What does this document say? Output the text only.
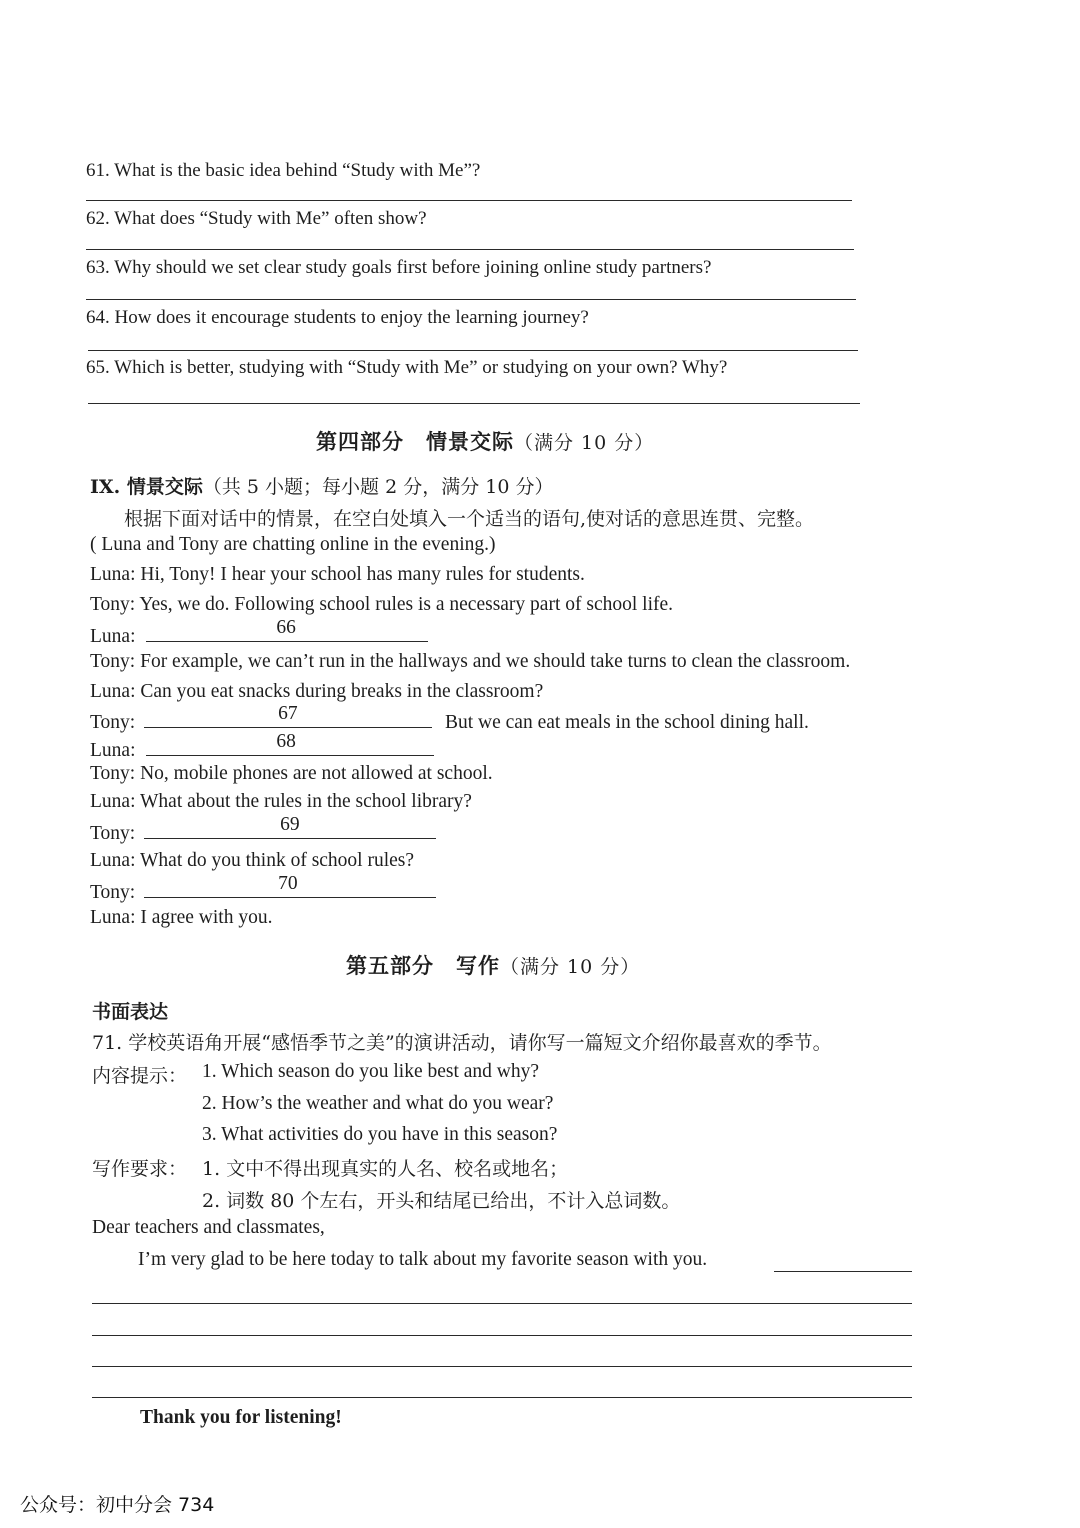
61. What is the basic idea behind “Study with Me”?
62. What does “Study with Me” often show?
63. Why should we set clear study goals first before joining online study partners?
64. How does it encourage students to enjoy the learning journey?
65. Which is better, studying with “Study with Me” or studying on your own? Why?
第四部分　情景交际（满分 10 分）
IX. 情景交际（共 5 小题；每小题 2 分，满分 10 分）
根据下面对话中的情景，在空白处填入一个适当的语句,使对话的意思连贯、完整。
( Luna and Tony are chatting online in the evening.)
Luna: Hi, Tony! I hear your school has many rules for students.
Tony: Yes, we do. Following school rules is a necessary part of school life.
Luna:	66
Tony: For example, we can’t run in the hallways and we should take turns to clean the classroom.
Luna: Can you eat snacks during breaks in the classroom?
Tony:	67	But we can eat meals in the school dining hall.
Luna:	68
Tony: No, mobile phones are not allowed at school.
Luna: What about the rules in the school library?
Tony:	69
Luna: What do you think of school rules?
Tony:	70
Luna: I agree with you.
第五部分　写作（满分 10 分）
书面表达
71. 学校英语角开展“感悟季节之美”的演讲活动，请你写一篇短文介绍你最喜欢的季节。
内容提示： 1. Which season do you like best and why?
2. How’s the weather and what do you wear?
3. What activities do you have in this season?
写作要求： 1. 文中不得出现真实的人名、校名或地名；
2. 词数 80 个左右，开头和结尾已给出，不计入总词数。
Dear teachers and classmates,
I’m very glad to be here today to talk about my favorite season with you.
Thank you for listening!
公众号：初中分会 734
